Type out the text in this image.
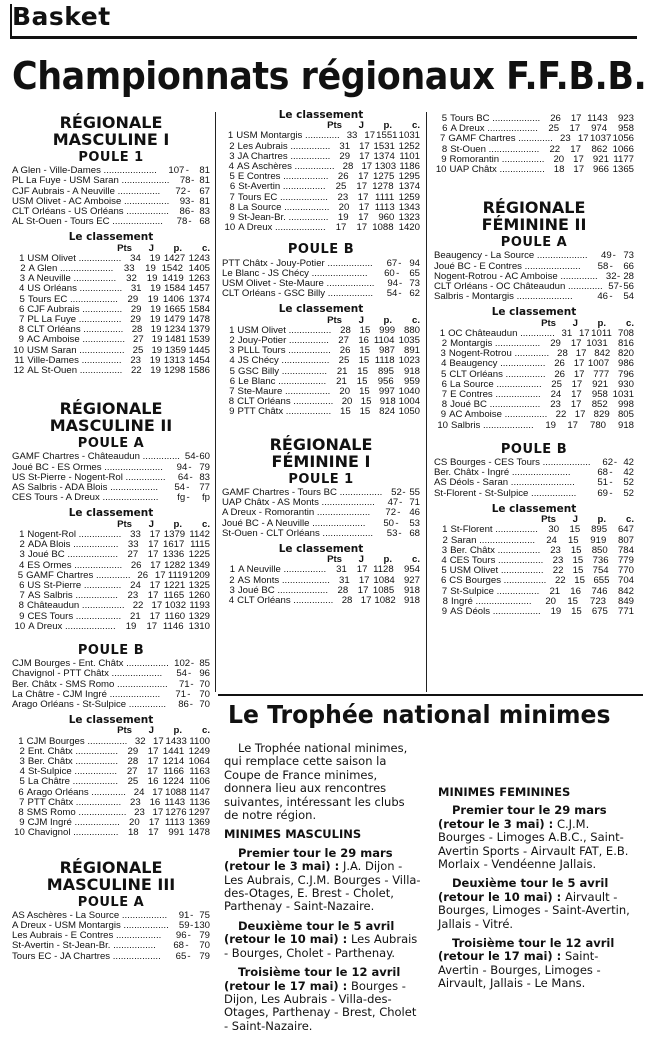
Basket
Championnats régionaux F.F.B.B.
RÉGIONALE
MASCULINE I
POULE 1
A Glen - Ville-Dames ....................	107 -	81
PL La Fuye - USM Saran ..................	78 - 81
CJF Aubrais - A Neuville ................	72 - 67
USM Olivet - AC Amboise .................	93 - 81
CLT Orléans - US Orléans ................	86 - 83
AL St-Ouen - Tours EC ...................	78 - 68
Le classement
Pts	J	p.	c.
1 USM Olivet ................ 34 19 1427 1243
2 A Glen ....................	33	19 1542 1405
3 A Neuville ................	32	19 1419 1263
4 US Orléans ................ 31 19 1584 1457
5 Tours EC .................. 29 19 1406 1374
6 CJF Aubrais ............... 29 19 1665 1584
7 PL La Fuye ................ 29 19 1479 1478
8 CLT Orléans ............... 28 19 1234 1379
9 AC Amboise ................ 27 19 1481 1539
10 USM Saran ................. 25 19 1359 1445
11 Ville-Dames ............... 23 19 1313 1454
12 AL St-Ouen ................ 22 19 1298 1586
RÉGIONALE
MASCULINE II
POULE A
GAMF Chartres - Châteaudun .............. 54 - 60
Joué BC - ES Ormes ......................	94 - 79
US St-Pierre - Nogent-Rol ...............	64 - 83
AS Salbris - ADA Blois ..................	54 -	77
CES Tours - A Dreux .....................	fg -	fp
Le classement
Pts	J	p.	c.
1 Nogent-Rol ................ 33 17 1379 1142
2 ADA Blois ................. 33 17 1617 1115
3 Joué BC ................... 27 17 1336 1225
4 ES Ormes .................. 26 17 1282 1349
5 GAMF Chartres ............. 26 17 1119 1209
6 US St-Pierre .............. 24 17 1221 1325
7 AS Salbris ................ 23 17 1165 1260
8 Châteaudun ................ 22 17 1032 1193
9 CES Tours ................. 21 17 1160 1329
10 A Dreux ...................	19	17 1146 1310
POULE B
CJM Bourges - Ent. Châtx ................ 102 - 85
Chavignol - PTT Châtx ...................	54 - 96
Ber. Châtx - SMS Romo ...................	71 - 70
La Châtre - CJM Ingré ...................	71 - 70
Arago Orléans - St-Sulpice ..............	86 - 70
Le classement
Pts	J	p.	c.
1 CJM Bourges ............... 32 17 1433 1100
2 Ent. Châtx ................ 29 17 1441 1249
3 Ber. Châtx ................ 28 17 1214 1064
4 St-Sulpice ................	27	17 1166 1163
5 La Châtre ................. 25 16 1224 1106
6 Arago Orléans ............. 24 17 1088 1147
7 PTT Châtx ................. 23 16 1143 1136
8 SMS Romo .................. 23 17 1276 1297
9 CJM Ingré ................. 20 17 1113 1369
10 Chavignol ................. 18 17	991 1478
RÉGIONALE
MASCULINE III
POULE A
AS Aschères - La Source .................	91 - 75
A Dreux - USM Montargis .................	59 - 130
Les Aubrais - E Contres .................	96 - 79
St-Avertin - St-Jean-Br. ................	68 -	70
Tours EC - JA Chartres ..................	65 - 79
Le classement
Pts	J	p.	c.
1 USM Montargis ............. 33 17 1551 1031
2 Les Aubrais ............... 31 17 1531 1252
3 JA Chartres ............... 29 17 1374 1101
4 AS Aschères ............... 28 17 1303 1186
5 E Contres ................. 26 17 1275 1295
6 St-Avertin ................	25	17 1278 1374
7 Tours EC .................. 23 17 1111 1259
8 La Source ................. 20 17 1113 1343
9 St-Jean-Br. ............... 19 17	960 1323
10 A Dreux ...................	17	17 1088 1420
POULE B
PTT Châtx - Jouy-Potier .................	67 - 94
Le Blanc - JS Chécy .....................	60 -	65
USM Olivet - Ste-Maure ..................	94 - 73
CLT Orléans - GSC Billy .................	54 - 62
Le classement
Pts	J	p.	c.
1 USM Olivet ................ 28 15 999 880
2 Jouy-Potier ............... 27 16 1104 1035
3 PLLL Tours ................ 26 15 987 891
4 JS Chécy .................. 25 15 1118 1023
5 GSC Billy .................	21	15	895	918
6 Le Blanc ..................	21	15	956	959
7 Ste-Maure ................. 20 15 997 1040
8 CLT Orléans ............... 20 15 918 1004
9 PTT Châtx ................. 15 15 824 1050
RÉGIONALE
FÉMININE I
POULE 1
GAMF Chartres - Tours BC ................ 52 - 55
UAP Châtx - AS Monts ....................	47 - 71
A Dreux - Romorantin ....................	72 - 46
Joué BC - A Neuville ....................	50 -	53
St-Ouen - CLT Orléans ...................	53 - 68
Le classement
Pts	J	p.	c.
1 A Neuville ................	31	17 1128	954
2 AS Monts .................. 31 17 1084 927
3 Joué BC ................... 28 17 1085	918
4 CLT Orléans ............... 28 17 1082 918
5 Tours BC ..................	26	17 1143	923
6 A Dreux ...................	25	17	974	958
7 GAMF Chartres ............. 23 17 1037 1056
8 St-Ouen ...................	22	17	862 1066
9 Romorantin ................ 20 17 921 1177
10 UAP Châtx ................. 18 17 966 1365
RÉGIONALE
FÉMININE II
POULE A
Beaugency - La Source ...................	49 - 73
Joué BC - E Contres .....................	58 -	66
Nogent-Rotrou - AC Amboise .............. 32 - 28
CLT Orléans - OC Châteaudun ............. 57 - 56
Salbris - Montargis .....................	46 -	54
Le classement
Pts	J	p.	c.
1 OC Châteaudun ............. 31 17 1011 708
2 Montargis .................	29	17 1031	816
3 Nogent-Rotrou ............. 28 17 842 820
4 Beaugency ................. 26 17 1007 986
5 CLT Orléans ............... 26 17 777 796
6 La Source .................	25	17	921	930
7 E Contres .................	24	17	958 1031
8 Joué BC ...................	23	17	852	998
9 AC Amboise ................ 22 17 829 805
10 Salbris ...................	19	17	780	918
POULE B
CS Bourges - CES Tours ..................	62 - 42
Ber. Châtx - Ingré ......................	68 -	42
AS Déols - Saran ........................	51 -	52
St-Florent - St-Sulpice .................	69 -	52
Le classement
Pts	J	p.	c.
1 St-Florent ................	30	15	895	647
2 Saran .....................	24	15	919	807
3 Ber. Châtx ................	23	15	850	784
4 CES Tours ................. 23 15 736 779
5 USM Olivet ................ 22 15 754 770
6 CS Bourges ................ 22 15 655 704
7 St-Sulpice ................	21	16	746	842
8 Ingré .....................	20	15	723	849
9 AS Déols ..................	19	15	675	771
Le Trophée national minimes

Le Trophée national minimes, qui remplace cette saison la Coupe de France minimes, donnera lieu aux rencontres suivantes, intéressant les clubs de notre région.

MINIMES MASCULINS

Premier tour le 29 mars (retour le 3 mai) : J.A. Dijon - Les Aubrais, C.J.M. Bourges - Villa-des-Otages, E. Brest - Cholet, Parthenay - Saint-Nazaire.

Deuxième tour le 5 avril (retour le 10 mai) : Les Aubrais - Bourges, Cholet - Parthenay.

Troisième tour le 12 avril (retour le 17 mai) : Bourges - Dijon, Les Aubrais - Villa-des-Otages, Parthenay - Brest, Cholet - Saint-Nazaire.

MINIMES FEMININES

Premier tour le 29 mars (retour le 3 mai) : C.J.M. Bourges - Limoges A.B.C., Saint-Avertin Sports - Airvault FAT, E.B. Morlaix - Vendéenne Jallais.

Deuxième tour le 5 avril (retour le 10 mai) : Airvault - Bourges, Limoges - Saint-Avertin, Jallais - Vitré.

Troisième tour le 12 avril (retour le 17 mai) : Saint-Avertin - Bourges, Limoges - Airvault, Jallais - Le Mans.
